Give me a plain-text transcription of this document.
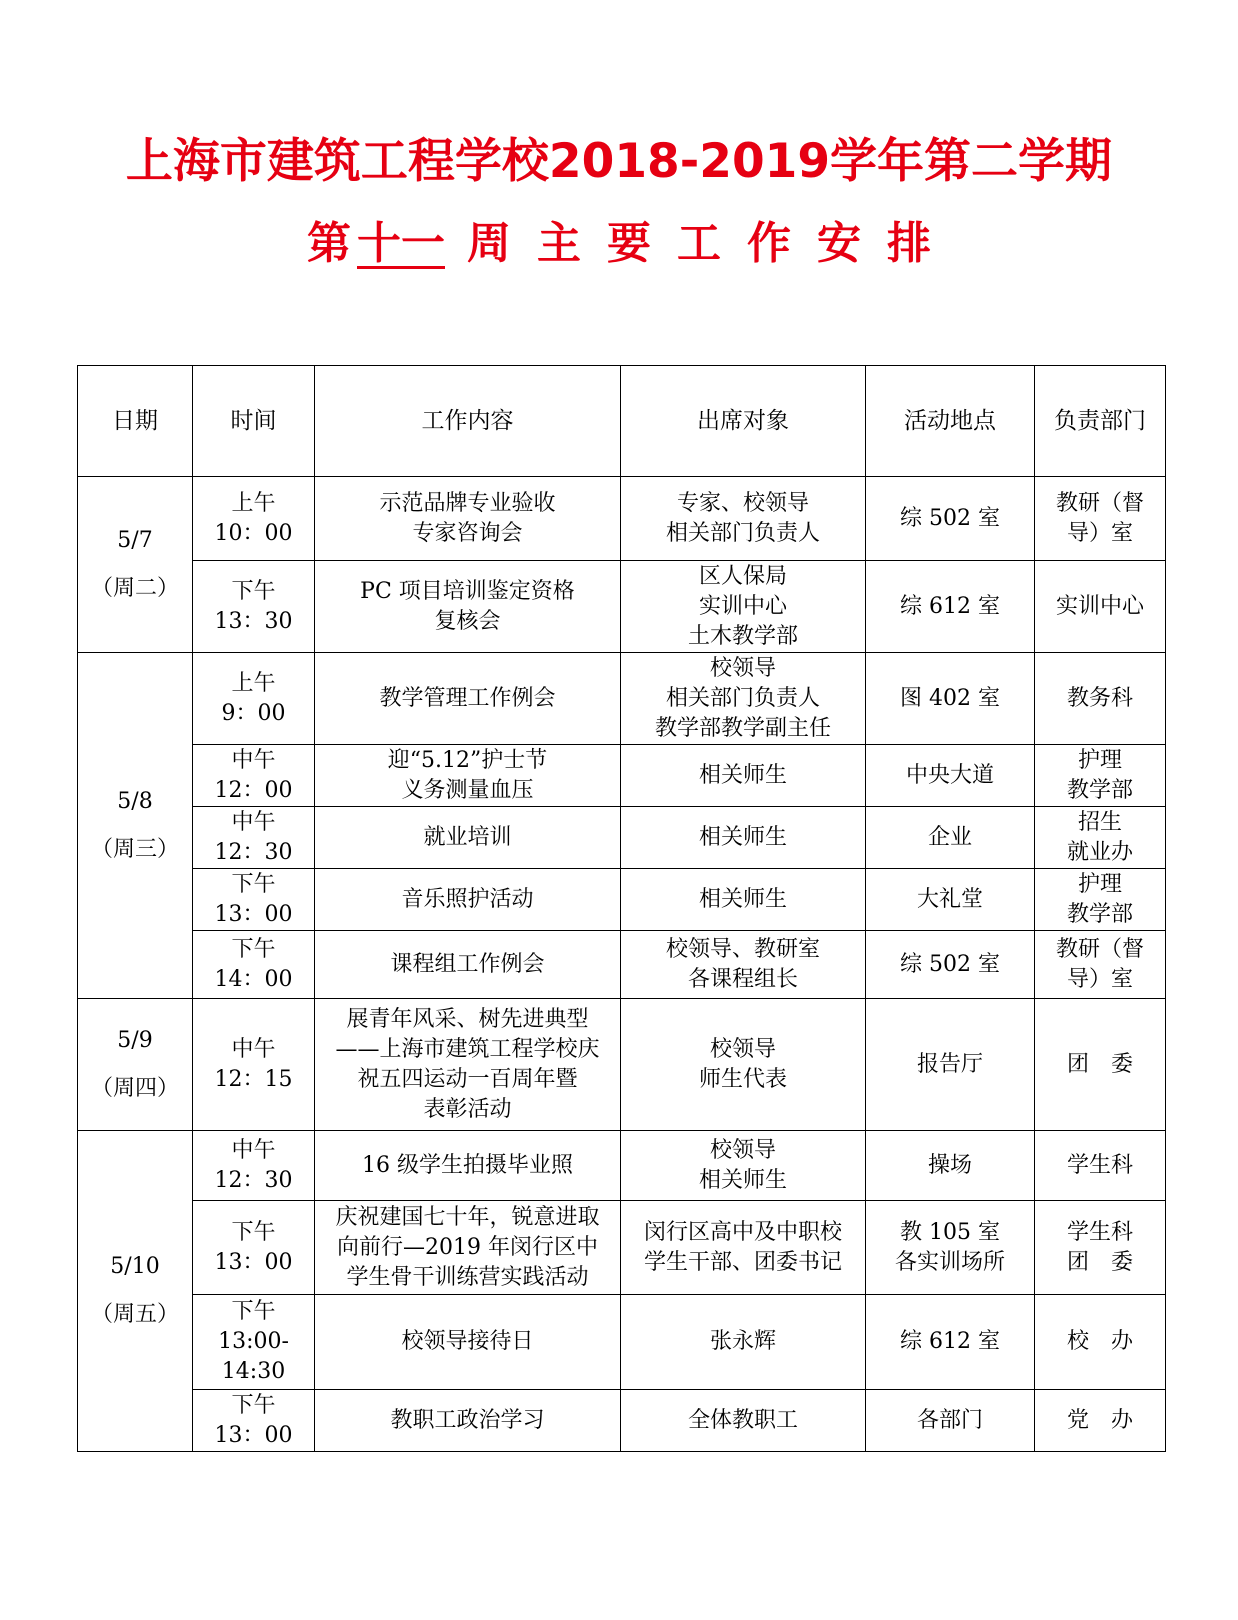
上海市建筑工程学校2018-2019学年第二学期
第 十一 周 主 要 工 作 安 排
日期	时间	工作内容	出席对象	活动地点	负责部门

5/7
（周二）	上午
10：00	示范品牌专业验收
专家咨询会	专家、校领导
相关部门负责人	综 502 室	教研（督
导）室

	下午
13：30	PC 项目培训鉴定资格
复核会	区人保局
实训中心
土木教学部	综 612 室	实训中心

5/8
（周三）	上午
9：00	教学管理工作例会	校领导
相关部门负责人
教学部教学副主任	图 402 室	教务科

	中午
12：00	迎“5.12”护士节
义务测量血压	相关师生	中央大道	护理
教学部

	中午
12：30	就业培训	相关师生	企业	招生
就业办

	下午
13：00	音乐照护活动	相关师生	大礼堂	护理
教学部

	下午
14：00	课程组工作例会	校领导、教研室
各课程组长	综 502 室	教研（督
导）室

5/9
（周四）	中午
12：15	展青年风采、树先进典型
——上海市建筑工程学校庆
祝五四运动一百周年暨
表彰活动	校领导
师生代表	报告厅	团　委

5/10
（周五）	中午
12：30	16 级学生拍摄毕业照	校领导
相关师生	操场	学生科

	下午
13：00	庆祝建国七十年，锐意进取
向前行—2019 年闵行区中
学生骨干训练营实践活动	闵行区高中及中职校
学生干部、团委书记	教 105 室
各实训场所	学生科
团　委

	下午
13:00-
14:30	校领导接待日	张永辉	综 612 室	校　办

	下午
13：00	教职工政治学习	全体教职工	各部门	党　办
